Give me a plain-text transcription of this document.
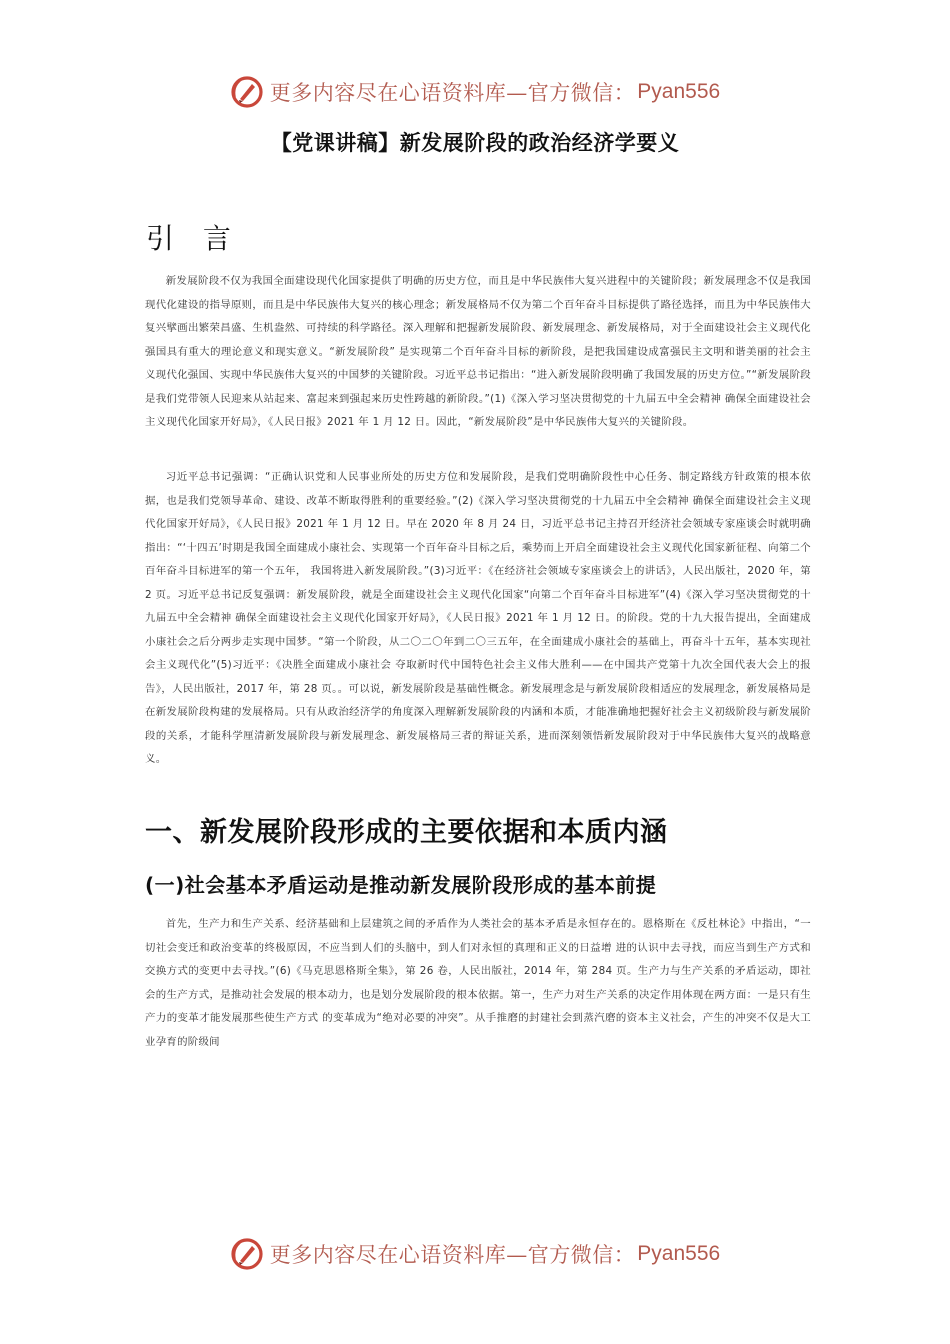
更多内容尽在心语资料库—官方微信： Pyan556
【党课讲稿】新发展阶段的政治经济学要义
引 言

新发展阶段不仅为我国全面建设现代化国家提供了明确的历史方位，而且是中华民族伟大复兴进程中的关键阶段；新发展理念不仅是我国现代化建设的指导原则，而且是中华民族伟大复兴的核心理念；新发展格局不仅为第二个百年奋斗目标提供了路径选择，而且为中华民族伟大复兴擘画出繁荣昌盛、生机盎然、可持续的科学路径。深入理解和把握新发展阶段、新发展理念、新发展格局，对于全面建设社会主义现代化强国具有重大的理论意义和现实意义。“新发展阶段” 是实现第二个百年奋斗目标的新阶段，是把我国建设成富强民主文明和谐美丽的社会主义现代化强国、实现中华民族伟大复兴的中国梦的关键阶段。习近平总书记指出：“进入新发展阶段明确了我国发展的历史方位。”“新发展阶段是我们党带领人民迎来从站起来、富起来到强起来历史性跨越的新阶段。”(1)《深入学习坚决贯彻党的十九届五中全会精神 确保全面建设社会主义现代化国家开好局》，《人民日报》2021 年 1 月 12 日。因此，“新发展阶段”是中华民族伟大复兴的关键阶段。

习近平总书记强调：“正确认识党和人民事业所处的历史方位和发展阶段，是我们党明确阶段性中心任务、制定路线方针政策的根本依据，也是我们党领导革命、建设、改革不断取得胜利的重要经验。”(2)《深入学习坚决贯彻党的十九届五中全会精神 确保全面建设社会主义现代化国家开好局》，《人民日报》2021 年 1 月 12 日。早在 2020 年 8 月 24 日，习近平总书记主持召开经济社会领域专家座谈会时就明确指出：“‘十四五’时期是我国全面建成小康社会、实现第一个百年奋斗目标之后，乘势而上开启全面建设社会主义现代化国家新征程、向第二个百年奋斗目标进军的第一个五年， 我国将进入新发展阶段。”(3)习近平：《在经济社会领域专家座谈会上的讲话》，人民出版社，2020 年，第 2 页。习近平总书记反复强调：新发展阶段，就是全面建设社会主义现代化国家“向第二个百年奋斗目标进军”(4)《深入学习坚决贯彻党的十九届五中全会精神 确保全面建设社会主义现代化国家开好局》，《人民日报》2021 年 1 月 12 日。的阶段。党的十九大报告提出，全面建成小康社会之后分两步走实现中国梦。“第一个阶段，从二〇二〇年到二〇三五年，在全面建成小康社会的基础上，再奋斗十五年，基本实现社会主义现代化”(5)习近平：《决胜全面建成小康社会 夺取新时代中国特色社会主义伟大胜利——在中国共产党第十九次全国代表大会上的报告》，人民出版社，2017 年，第 28 页。。可以说，新发展阶段是基础性概念。新发展理念是与新发展阶段相适应的发展理念，新发展格局是在新发展阶段构建的发展格局。只有从政治经济学的角度深入理解新发展阶段的内涵和本质，才能准确地把握好社会主义初级阶段与新发展阶段的关系，才能科学厘清新发展阶段与新发展理念、新发展格局三者的辩证关系，进而深刻领悟新发展阶段对于中华民族伟大复兴的战略意义。

一、新发展阶段形成的主要依据和本质内涵
(一)社会基本矛盾运动是推动新发展阶段形成的基本前提

首先，生产力和生产关系、经济基础和上层建筑之间的矛盾作为人类社会的基本矛盾是永恒存在的。恩格斯在《反杜林论》中指出，“一切社会变迁和政治变革的终极原因，不应当到人们的头脑中，到人们对永恒的真理和正义的日益增 进的认识中去寻找，而应当到生产方式和交换方式的变更中去寻找。”(6)《马克思恩格斯全集》，第 26 卷，人民出版社，2014 年，第 284 页。生产力与生产关系的矛盾运动，即社会的生产方式，是推动社会发展的根本动力，也是划分发展阶段的根本依据。第一，生产力对生产关系的决定作用体现在两方面：一是只有生产力的变革才能发展那些使生产方式 的变革成为“绝对必要的冲突”。从手推磨的封建社会到蒸汽磨的资本主义社会，产生的冲突不仅是大工业孕育的阶级间

更多内容尽在心语资料库—官方微信： Pyan556
